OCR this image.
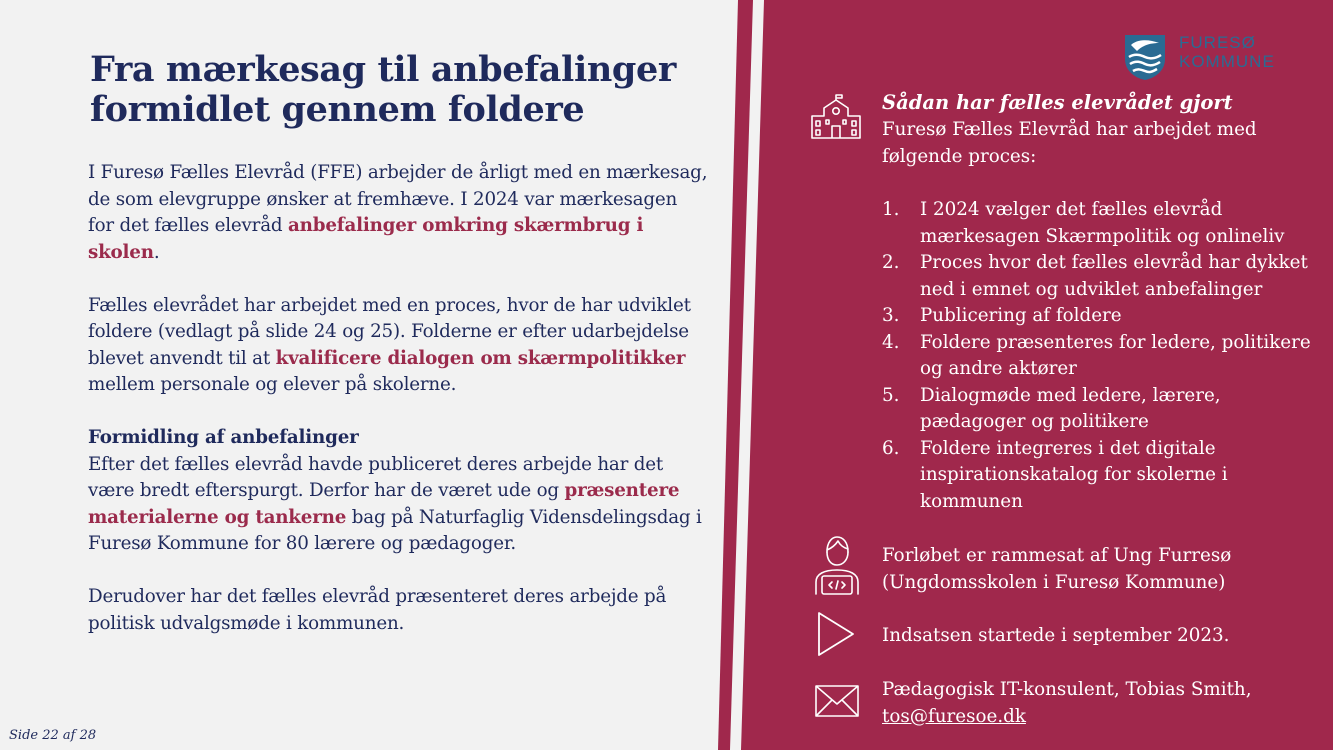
Fra mærkesag til anbefalinger formidlet gennem foldere

I Furesø Fælles Elevråd (FFE) arbejder de årligt med en mærkesag, de som elevgruppe ønsker at fremhæve. I 2024 var mærkesagen for det fælles elevråd anbefalinger omkring skærmbrug i skolen.

Fælles elevrådet har arbejdet med en proces, hvor de har udviklet foldere (vedlagt på slide 24 og 25). Folderne er efter udarbejdelse blevet anvendt til at kvalificere dialogen om skærmpolitikker mellem personale og elever på skolerne.

Formidling af anbefalinger

Efter det fælles elevråd havde publiceret deres arbejde har det være bredt efterspurgt. Derfor har de været ude og præsentere materialerne og tankerne bag på Naturfaglig Vidensdelingsdag i Furesø Kommune for 80 lærere og pædagoger.

Derudover har det fælles elevråd præsenteret deres arbejde på politisk udvalgsmøde i kommunen.

Side 22 af 28
FURESØ
KOMMUNE

Sådan har fælles elevrådet gjort

Furesø Fælles Elevråd har arbejdet med følgende proces:

1. I 2024 vælger det fælles elevråd mærkesagen Skærmpolitik og onlineliv
2. Proces hvor det fælles elevråd har dykket ned i emnet og udviklet anbefalinger
3. Publicering af foldere
4. Foldere præsenteres for ledere, politikere og andre aktører
5. Dialogmøde med ledere, lærere, pædagoger og politikere
6. Foldere integreres i det digitale inspirationskatalog for skolerne i kommunen

Forløbet er rammesat af Ung Furresø (Ungdomsskolen i Furesø Kommune)

Indsatsen startede i september 2023.

Pædagogisk IT-konsulent, Tobias Smith,
tos@furesoe.dk
